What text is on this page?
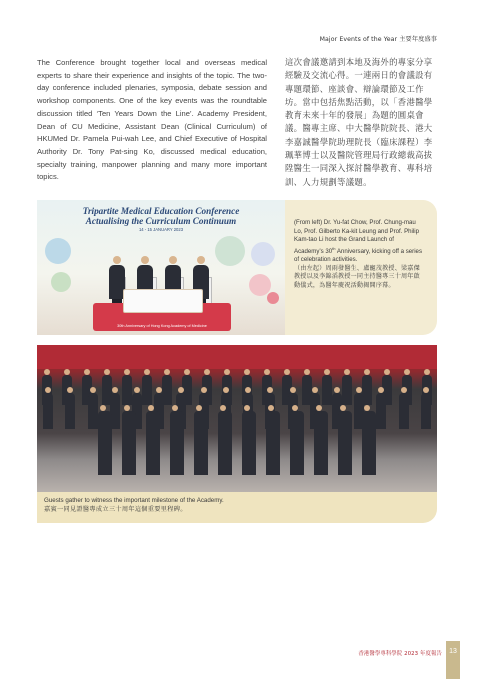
Major Events of the Year 主要年度盛事
The Conference brought together local and overseas medical experts to share their experience and insights of the topic. The two-day conference included plenaries, symposia, debate session and workshop components. One of the key events was the roundtable discussion titled ‘Ten Years Down the Line’. Academy President, Dean of CU Medicine, Assistant Dean (Clinical Curriculum) of HKUMed Dr. Pamela Pui-wah Lee, and Chief Executive of Hospital Authority Dr. Tony Pat-sing Ko, discussed medical education, specialty training, manpower planning and many more important topics.
這次會議邀請到本地及海外的專家分享經驗及交流心得。一連兩日的會議設有專題環節、座談會、辯論環節及工作坊。當中包括焦點活動，以「香港醫學教育未來十年的發展」為題的圓桌會議。醫專主席、中大醫學院院長、港大李嘉誠醫學院助理院長（臨床課程）李珮華博士以及醫院管理局行政總裁高拔陞醫生一同深入探討醫學教育、專科培訓、人力規劃等議題。
Tripartite Medical Education Conference
Actualising the Curriculum Continuum
14 - 15 JANUARY 2023
30th Anniversary of Hong Kong Academy of Medicine
(From left) Dr. Yu-fat Chow, Prof. Chung-mau Lo, Prof. Gilberto Ka-kit Leung and Prof. Philip Kam-tao Li host the Grand Launch of Academy’s 30th Anniversary, kicking off a series of celebration activities.
（由左起）周雨發醫生、盧寵茂教授、梁嘉傑教授以及李錦滔教授一同主持醫專三十周年啟動儀式，為醫年慶祝活動揭開序幕。
Guests gather to witness the important milestone of the Academy.
嘉賓一同見證醫專成立三十周年這個重要里程碑。
香港醫學專科學院 2023 年度報告	13
